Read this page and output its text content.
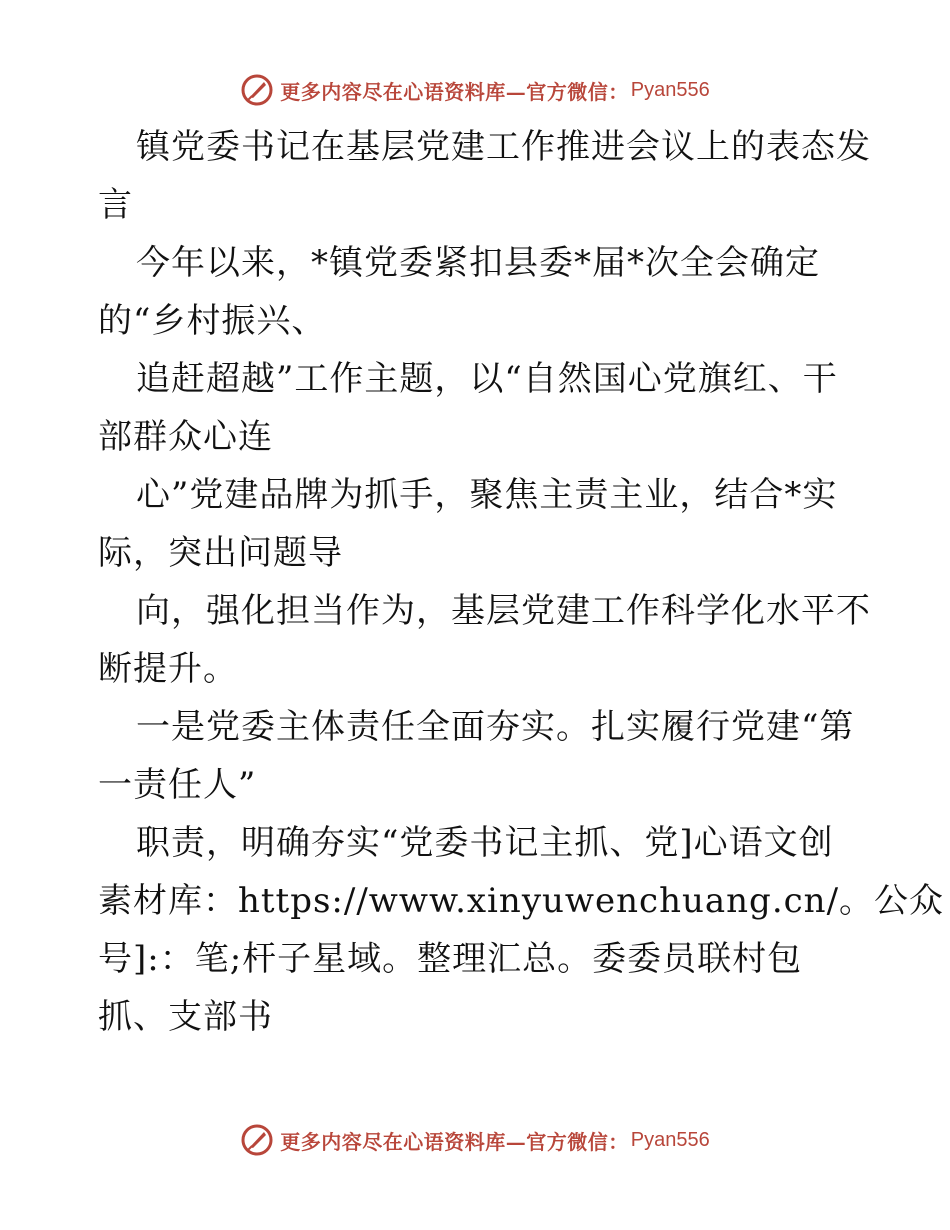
更多内容尽在心语资料库—官方微信： Pyan556
镇党委书记在基层党建工作推进会议上的表态发
言
今年以来，*镇党委紧扣县委*届*次全会确定
的“乡村振兴、
追赶超越”工作主题，以“自然国心党旗红、干
部群众心连
心”党建品牌为抓手，聚焦主责主业，结合*实
际，突出问题导
向，强化担当作为，基层党建工作科学化水平不
断提升。
一是党委主体责任全面夯实。扎实履行党建“第
一责任人”
职责，明确夯实“党委书记主抓、党]心语文创
素材库：https://www.xinyuwenchuang.cn/。公众
号]:：笔;杆子星域。整理汇总。委委员联村包
抓、支部书
更多内容尽在心语资料库—官方微信： Pyan556
